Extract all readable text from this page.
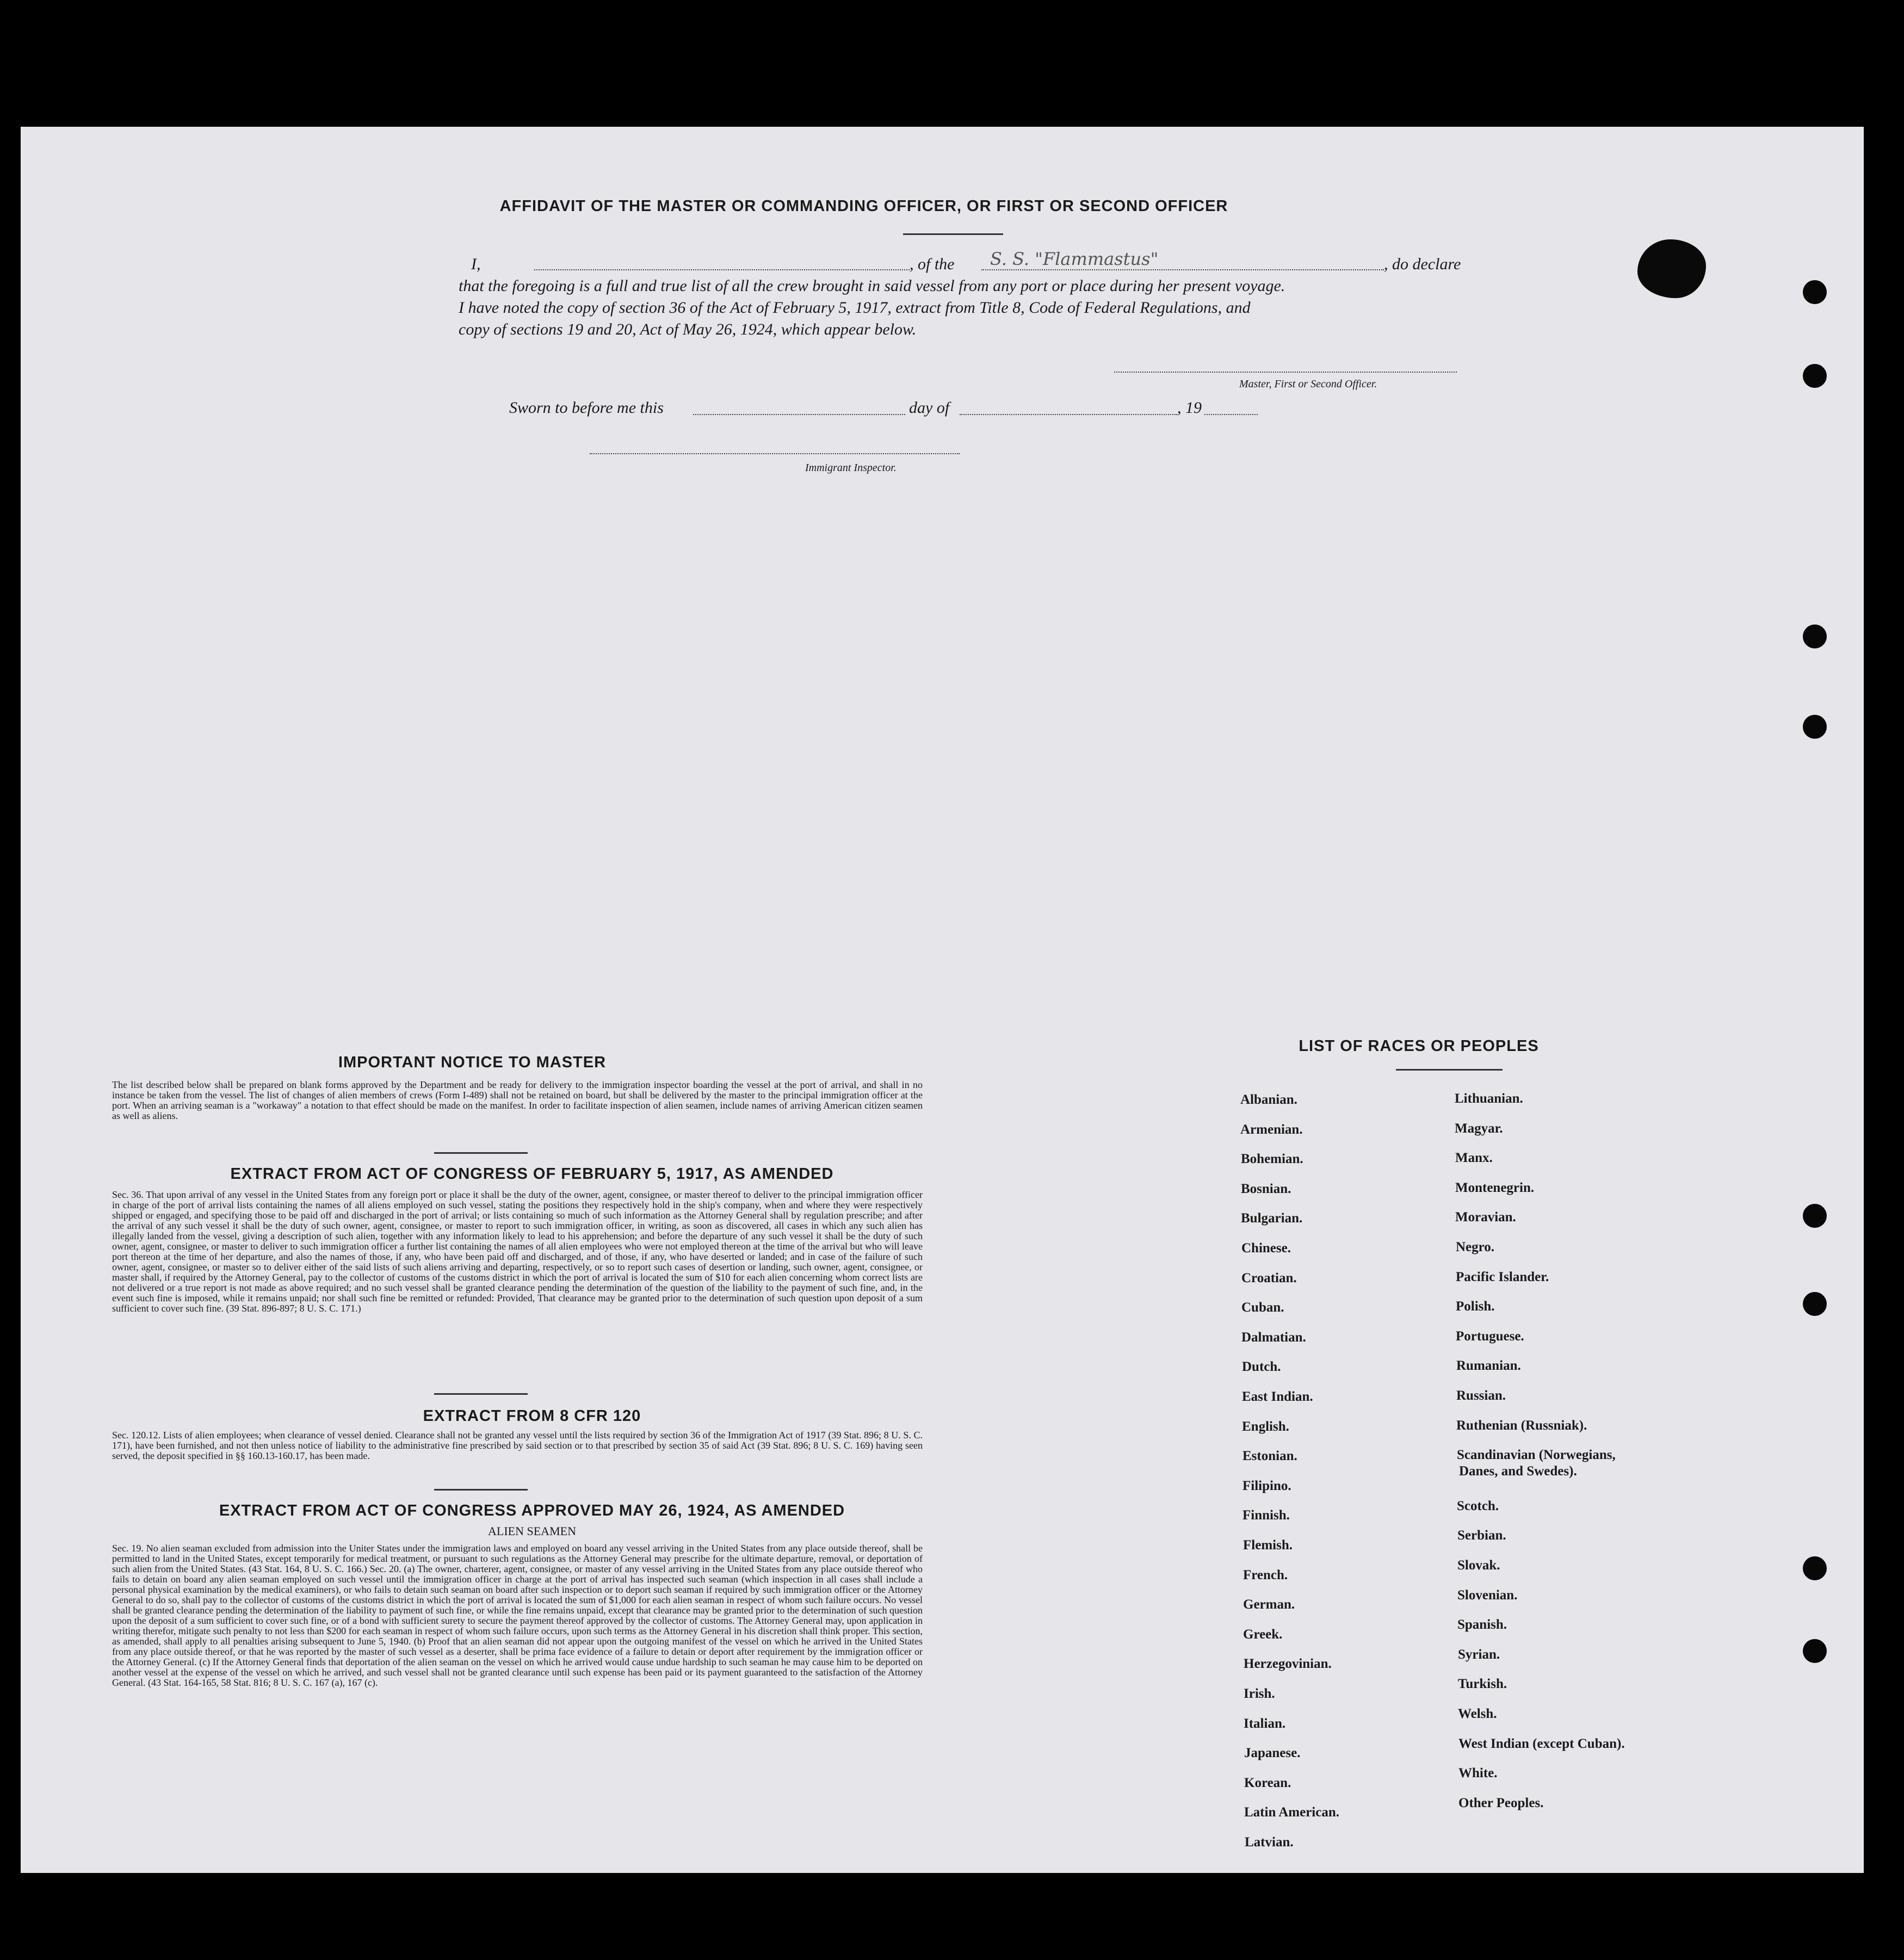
AFFIDAVIT OF THE MASTER OR COMMANDING OFFICER, OR FIRST OR SECOND OFFICER
I,	, of the S. S. "Flammastus"	, do declare
that the foregoing is a full and true list of all the crew brought in said vessel from any port or place during her present voyage.
I have noted the copy of section 36 of the Act of February 5, 1917, extract from Title 8, Code of Federal Regulations, and
copy of sections 19 and 20, Act of May 26, 1924, which appear below.
Master, First or Second Officer.
Sworn to before me this	day of	, 19
Immigrant Inspector.
IMPORTANT NOTICE TO MASTER
The list described below shall be prepared on blank forms approved by the Department and be ready for delivery to the immigration inspector boarding the vessel at the port of arrival, and shall in no instance be taken from the vessel. The list of changes of alien members of crews (Form I-489) shall not be retained on board, but shall be delivered by the master to the principal immigration officer at the port. When an arriving seaman is a "workaway" a notation to that effect should be made on the manifest. In order to facilitate inspection of alien seamen, include names of arriving American citizen seamen as well as aliens.
EXTRACT FROM ACT OF CONGRESS OF FEBRUARY 5, 1917, AS AMENDED
Sec. 36. That upon arrival of any vessel in the United States from any foreign port or place it shall be the duty of the owner, agent, consignee, or master thereof to deliver to the principal immigration officer in charge of the port of arrival lists containing the names of all aliens employed on such vessel, stating the positions they respectively hold in the ship's company, when and where they were respectively shipped or engaged, and specifying those to be paid off and discharged in the port of arrival; or lists containing so much of such information as the Attorney General shall by regulation prescribe; and after the arrival of any such vessel it shall be the duty of such owner, agent, consignee, or master to report to such immigration officer, in writing, as soon as discovered, all cases in which any such alien has illegally landed from the vessel, giving a description of such alien, together with any information likely to lead to his apprehension; and before the departure of any such vessel it shall be the duty of such owner, agent, consignee, or master to deliver to such immigration officer a further list containing the names of all alien employees who were not employed thereon at the time of the arrival but who will leave port thereon at the time of her departure, and also the names of those, if any, who have been paid off and discharged, and of those, if any, who have deserted or landed; and in case of the failure of such owner, agent, consignee, or master so to deliver either of the said lists of such aliens arriving and departing, respectively, or so to report such cases of desertion or landing, such owner, agent, consignee, or master shall, if required by the Attorney General, pay to the collector of customs of the customs district in which the port of arrival is located the sum of $10 for each alien concerning whom correct lists are not delivered or a true report is not made as above required; and no such vessel shall be granted clearance pending the determination of the question of the liability to the payment of such fine, and, in the event such fine is imposed, while it remains unpaid; nor shall such fine be remitted or refunded: Provided, That clearance may be granted prior to the determination of such question upon deposit of a sum sufficient to cover such fine. (39 Stat. 896-897; 8 U. S. C. 171.)
EXTRACT FROM 8 CFR 120
Sec. 120.12. Lists of alien employees; when clearance of vessel denied. Clearance shall not be granted any vessel until the lists required by section 36 of the Immigration Act of 1917 (39 Stat. 896; 8 U. S. C. 171), have been furnished, and not then unless notice of liability to the administrative fine prescribed by said section or to that prescribed by section 35 of said Act (39 Stat. 896; 8 U. S. C. 169) having seen served, the deposit specified in §§ 160.13-160.17, has been made.
EXTRACT FROM ACT OF CONGRESS APPROVED MAY 26, 1924, AS AMENDED
ALIEN SEAMEN
Sec. 19. No alien seaman excluded from admission into the Uniter States under the immigration laws and employed on board any vessel arriving in the United States from any place outside thereof, shall be permitted to land in the United States, except temporarily for medical treatment, or pursuant to such regulations as the Attorney General may prescribe for the ultimate departure, removal, or deportation of such alien from the United States. (43 Stat. 164, 8 U. S. C. 166.) Sec. 20. (a) The owner, charterer, agent, consignee, or master of any vessel arriving in the United States from any place outside thereof who fails to detain on board any alien seaman employed on such vessel until the immigration officer in charge at the port of arrival has inspected such seaman (which inspection in all cases shall include a personal physical examination by the medical examiners), or who fails to detain such seaman on board after such inspection or to deport such seaman if required by such immigration officer or the Attorney General to do so, shall pay to the collector of customs of the customs district in which the port of arrival is located the sum of $1,000 for each alien seaman in respect of whom such failure occurs. No vessel shall be granted clearance pending the determination of the liability to payment of such fine, or while the fine remains unpaid, except that clearance may be granted prior to the determination of such question upon the deposit of a sum sufficient to cover such fine, or of a bond with sufficient surety to secure the payment thereof approved by the collector of customs. The Attorney General may, upon application in writing therefor, mitigate such penalty to not less than $200 for each seaman in respect of whom such failure occurs, upon such terms as the Attorney General in his discretion shall think proper. This section, as amended, shall apply to all penalties arising subsequent to June 5, 1940. (b) Proof that an alien seaman did not appear upon the outgoing manifest of the vessel on which he arrived in the United States from any place outside thereof, or that he was reported by the master of such vessel as a deserter, shall be prima face evidence of a failure to detain or deport after requirement by the immigration officer or the Attorney General. (c) If the Attorney General finds that deportation of the alien seaman on the vessel on which he arrived would cause undue hardship to such seaman he may cause him to be deported on another vessel at the expense of the vessel on which he arrived, and such vessel shall not be granted clearance until such expense has been paid or its payment guaranteed to the satisfaction of the Attorney General. (43 Stat. 164-165, 58 Stat. 816; 8 U. S. C. 167 (a), 167 (c).
LIST OF RACES OR PEOPLES
Albanian.
Armenian.
Bohemian.
Bosnian.
Bulgarian.
Chinese.
Croatian.
Cuban.
Dalmatian.
Dutch.
East Indian.
English.
Estonian.
Filipino.
Finnish.
Flemish.
French.
German.
Greek.
Herzegovinian.
Irish.
Italian.
Japanese.
Korean.
Latin American.
Latvian.
Lithuanian.
Magyar.
Manx.
Montenegrin.
Moravian.
Negro.
Pacific Islander.
Polish.
Portuguese.
Rumanian.
Russian.
Ruthenian (Russniak).
Scandinavian (Norwegians,
Danes, and Swedes).
Scotch.
Serbian.
Slovak.
Slovenian.
Spanish.
Syrian.
Turkish.
Welsh.
West Indian (except Cuban).
White.
Other Peoples.
